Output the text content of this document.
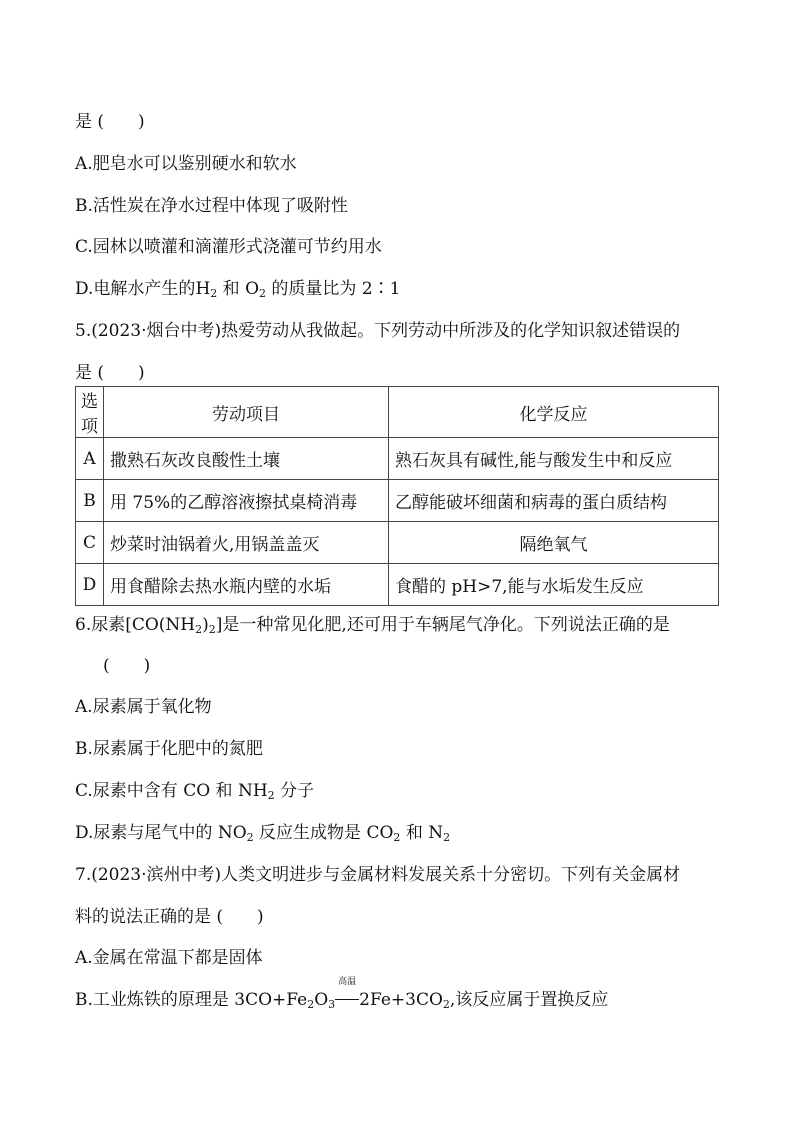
是 (　　)
A.肥皂水可以鉴别硬水和软水
B.活性炭在净水过程中体现了吸附性
C.园林以喷灌和滴灌形式浇灌可节约用水
D.电解水产生的$H_2$ 和 $O_2$ 的质量比为 2∶1
5.(2023·烟台中考)热爱劳动从我做起。下列劳动中所涉及的化学知识叙述错误的
是 (　　)
选项	劳动项目	化学反应
A	撒熟石灰改良酸性土壤	熟石灰具有碱性,能与酸发生中和反应
B	用 75%的乙醇溶液擦拭桌椅消毒	乙醇能破坏细菌和病毒的蛋白质结构
C	炒菜时油锅着火,用锅盖盖灭	隔绝氧气
D	用食醋除去热水瓶内壁的水垢	食醋的 pH>7,能与水垢发生反应
6.尿素$[CO(NH_2)_2]$是一种常见化肥,还可用于车辆尾气净化。下列说法正确的是
(　　)
A.尿素属于氧化物
B.尿素属于化肥中的氮肥
C.尿素中含有 CO 和 $NH_2$ 分子
D.尿素与尾气中的 $NO_2$ 反应生成物是 $CO_2$ 和 $N_2$
7.(2023·滨州中考)人类文明进步与金属材料发展关系十分密切。下列有关金属材
料的说法正确的是 (　　)
A.金属在常温下都是固体
B.工业炼铁的原理是 $3CO+Fe_2O_3$
高温
$2Fe+3CO_2$,该反应属于置换反应
